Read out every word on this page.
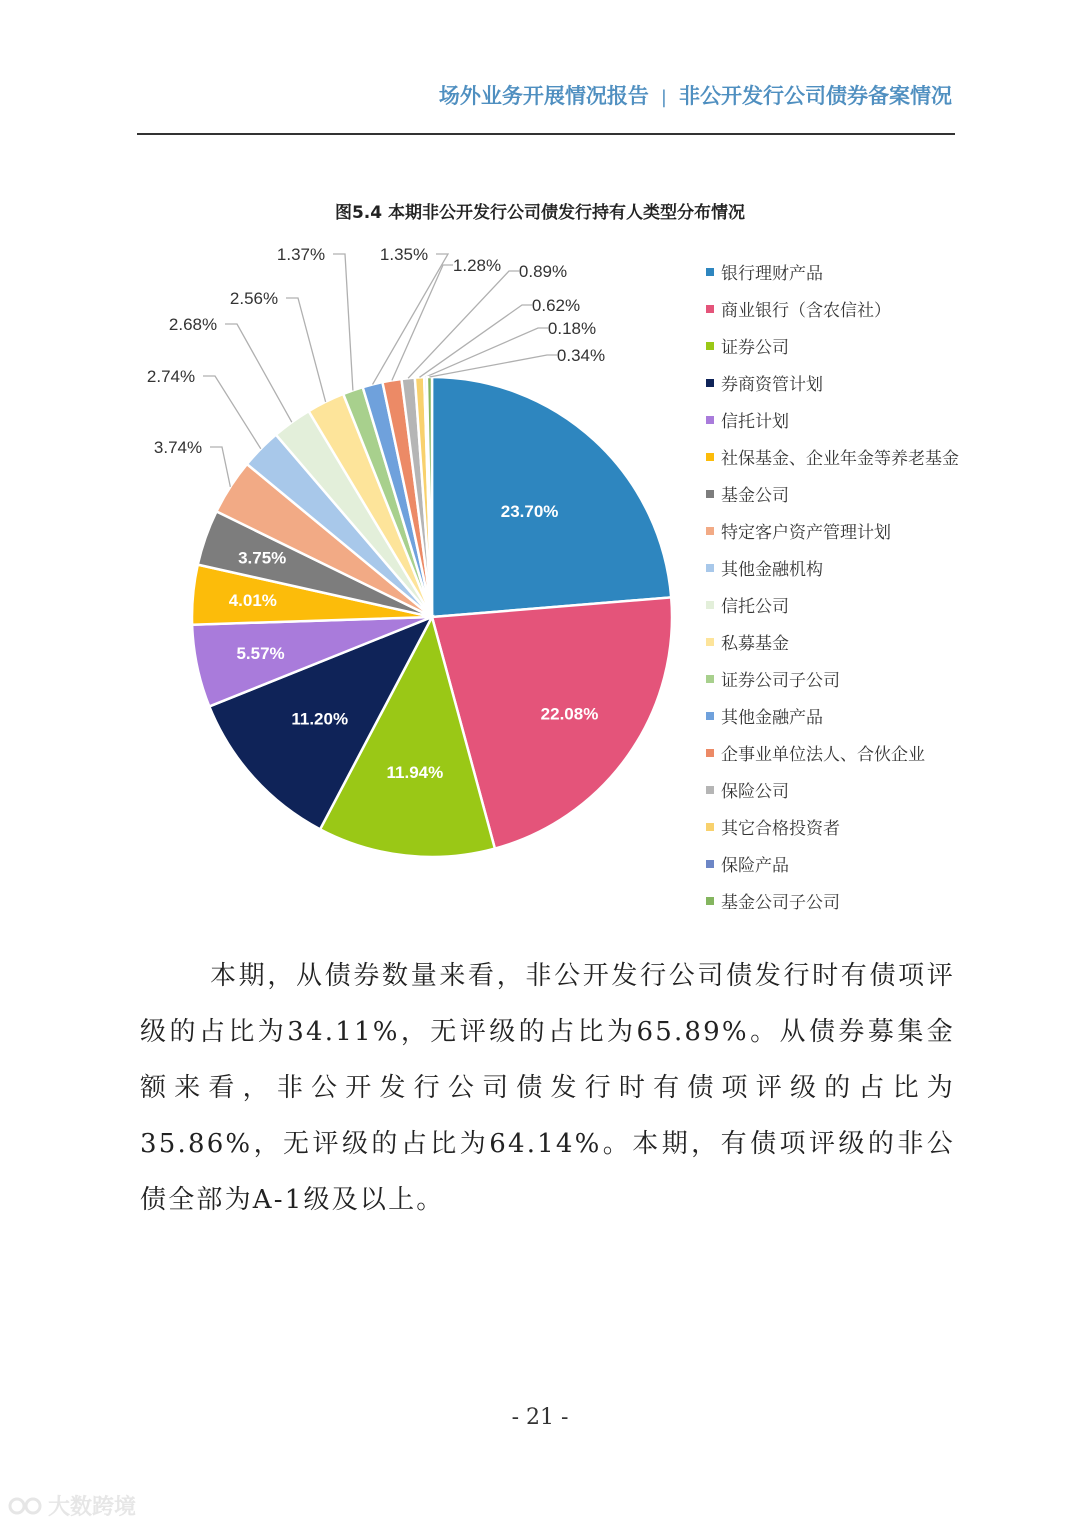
场外业务开展情况报告 | 非公开发行公司债券备案情况
图5.4 本期非公开发行公司债发行持有人类型分布情况
23.70%
22.08%
11.94%
11.20%
5.57%
4.01%
3.75%
3.74%
2.74%
2.68%
2.56%
1.37%	1.35%
1.28% 0.89%
0.62%
0.18%
0.34%
银行理财产品
商业银行（含农信社）
证券公司
券商资管计划
信托计划
社保基金、企业年金等养老基金
基金公司
特定客户资产管理计划
其他金融机构
信托公司
私募基金
证券公司子公司
其他金融产品
企事业单位法人、合伙企业
保险公司
其它合格投资者
保险产品
基金公司子公司
本期，从债券数量来看，非公开发行公司债发行时有债项评级的占比为34.11%，无评级的占比为65.89%。从债券募集金额来看，非公开发行公司债发行时有债项评级的占比为35.86%，无评级的占比为64.14%。本期，有债项评级的非公债全部为A-1级及以上。
- 21 -
大数跨境
